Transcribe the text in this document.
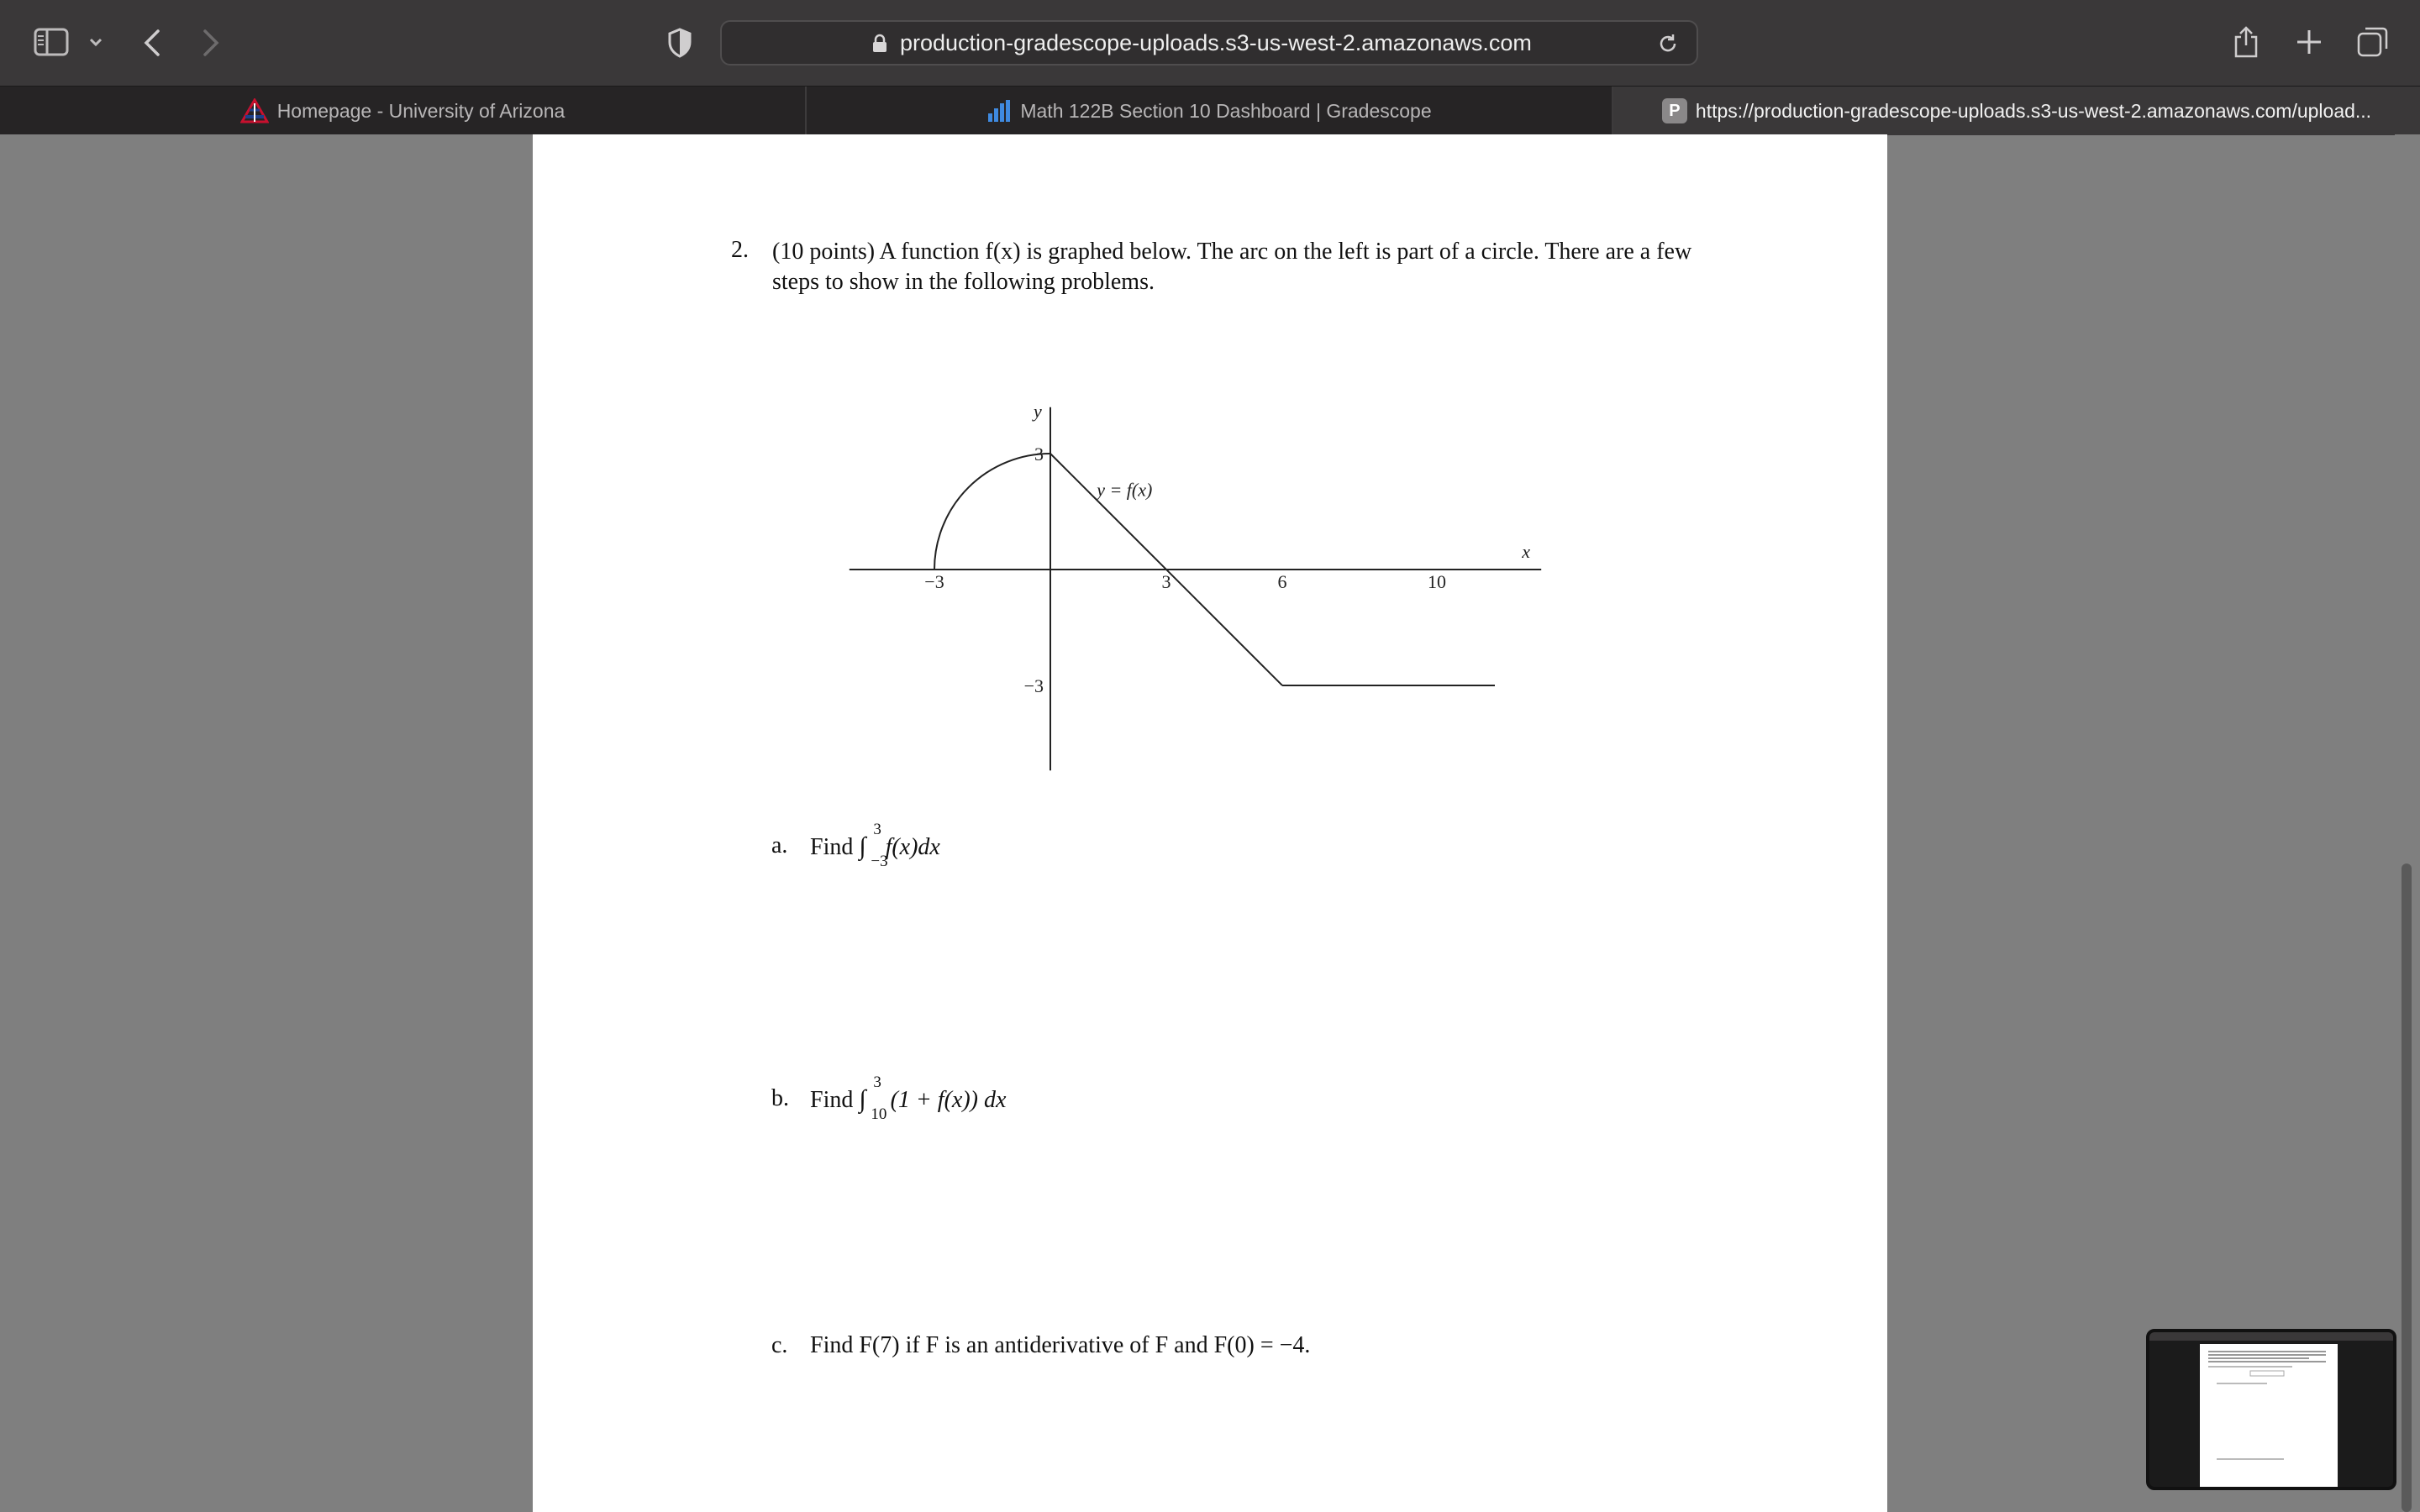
production-gradescope-uploads.s3-us-west-2.amazonaws.com
Homepage - University of Arizona	Math 122B Section 10 Dashboard | Gradescope	P https://production-gradescope-uploads.s3-us-west-2.amazonaws.com/upload...
2. (10 points) A function f(x) is graphed below. The arc on the left is part of a circle. There are a few steps to show in the following problems.
y
x
y = f(x)
−3	3	6	10
3
−3
a. Find ∫
3
−3
f(x)dx
b. Find ∫
3
10
(1 + f(x)) dx
c. Find F(7) if F is an antiderivative of F and F(0) = −4.
